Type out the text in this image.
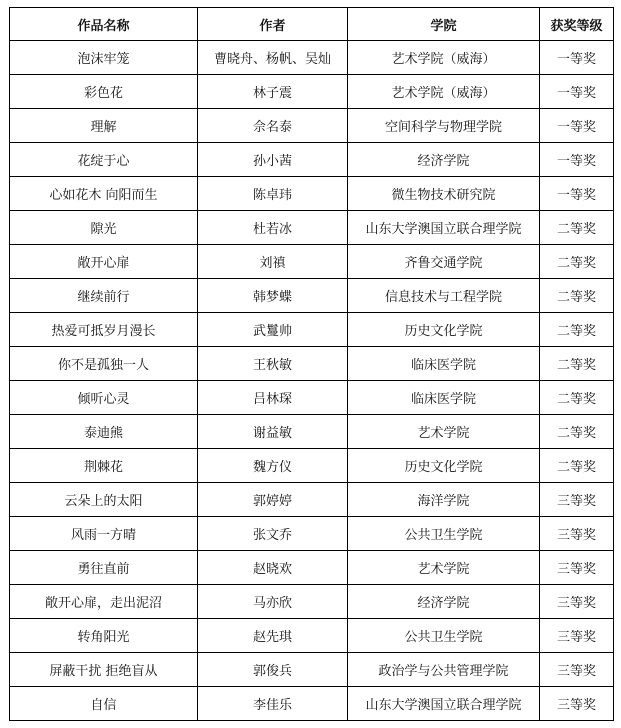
作品名称	作者	学院	获奖等级
泡沫牢笼	曹晓舟、杨帆、吴灿	艺术学院（威海）	一等奖
彩色花	林子震	艺术学院（威海）	一等奖
理解	佘名泰	空间科学与物理学院	一等奖
花绽于心	孙小茜	经济学院	一等奖
心如花木 向阳而生	陈卓玮	微生物技术研究院	一等奖
隙光	杜若冰	山东大学澳国立联合理学院	二等奖
敞开心扉	刘禛	齐鲁交通学院	二等奖
继续前行	韩梦蝶	信息技术与工程学院	二等奖
热爱可抵岁月漫长	武鬘帅	历史文化学院	二等奖
你不是孤独一人	王秋敏	临床医学院	二等奖
倾听心灵	吕林琛	临床医学院	二等奖
泰迪熊	谢益敏	艺术学院	二等奖
荆棘花	魏方仪	历史文化学院	二等奖
云朵上的太阳	郭婷婷	海洋学院	三等奖
风雨一方晴	张文乔	公共卫生学院	三等奖
勇往直前	赵晓欢	艺术学院	三等奖
敞开心扉，走出泥沼	马亦欣	经济学院	三等奖
转角阳光	赵先琪	公共卫生学院	三等奖
屏蔽干扰 拒绝盲从	郭俊兵	政治学与公共管理学院	三等奖
自信	李佳乐	山东大学澳国立联合理学院	三等奖
